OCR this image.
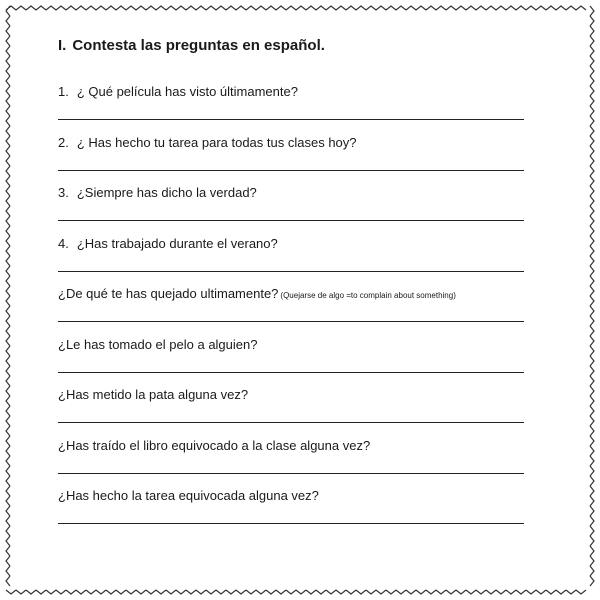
I. Contesta las preguntas en español.
1. ¿ Qué película has visto últimamente?
2. ¿ Has hecho tu tarea para todas tus clases hoy?
3. ¿Siempre has dicho la verdad?
4. ¿Has trabajado durante el verano?
¿De qué te has quejado ultimamente? (Quejarse de algo =to complain about something)
¿Le has tomado el pelo a alguien?
¿Has metido la pata alguna vez?
¿Has traído el libro equivocado a la clase alguna vez?
¿Has hecho la tarea equivocada alguna vez?
